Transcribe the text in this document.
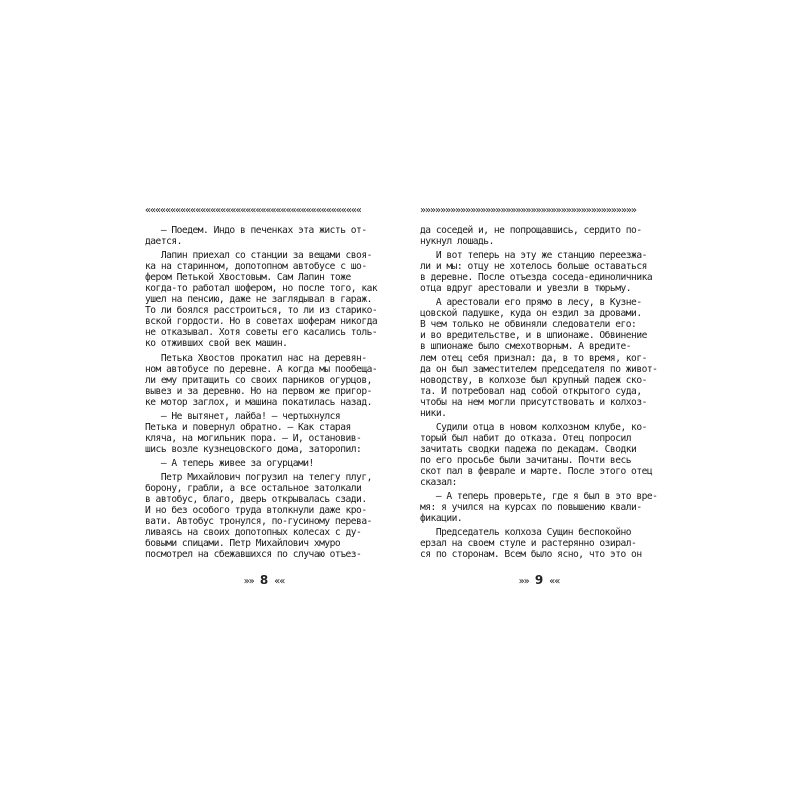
«««««««««««««««««««««««««««««««««««««««««««

— Поедем. Индо в печенках эта жисть от-

дается.

Лапин приехал со станции за вещами своя-

ка на старинном, допотопном автобусе с шо-

фером Петькой Хвостовым. Сам Лапин тоже

когда-то работал шофером, но после того, как

ушел на пенсию, даже не заглядывал в гараж.

То ли боялся расстроиться, то ли из старико-

вской гордости. Но в советах шоферам никогда

не отказывал. Хотя советы его касались толь-

ко отживших свой век машин.

Петька Хвостов прокатил нас на деревян-

ном автобусе по деревне. А когда мы пообеща-

ли ему притащить со своих парников огурцов,

вывез и за деревню. Но на первом же пригор-

ке мотор заглох, и машина покатилась назад.

— Не вытянет, лайба! — чертыхнулся

Петька и повернул обратно. — Как старая

кляча, на могильник пора. — И, остановив-

шись возле кузнецовского дома, заторопил:

— А теперь живее за огурцами!

Петр Михайлович погрузил на телегу плуг,

борону, грабли, а все остальное затолкали

в автобус, благо, дверь открывалась сзади.

И но без особого труда втолкнули даже кро-

вати. Автобус тронулся, по-гусиному перева-

ливаясь на своих допотопных колесах с ду-

бовыми спицами. Петр Михайлович хмуро

посмотрел на сбежавшихся по случаю отъез-

»»»»»»»»»»»»»»»»»»»»»»»»»»»»»»»»»»»»»»»»»»»

да соседей и, не попрощавшись, сердито по-

нукнул лошадь.

И вот теперь на эту же станцию переезжа-

ли и мы: отцу не хотелось больше оставаться

в деревне. После отъезда соседа-единоличника

отца вдруг арестовали и увезли в тюрьму.

А арестовали его прямо в лесу, в Кузне-

цовской падушке, куда он ездил за дровами.

В чем только не обвиняли следователи его:

и во вредительстве, и в шпионаже. Обвинение

в шпионаже было смехотворным. А вредите-

лем отец себя признал: да, в то время, ког-

да он был заместителем председателя по живот-

новодству, в колхозе был крупный падеж ско-

та. И потребовал над собой открытого суда,

чтобы на нем могли присутствовать и колхоз-

ники.

Судили отца в новом колхозном клубе, ко-

торый был набит до отказа. Отец попросил

зачитать сводки падежа по декадам. Сводки

по его просьбе были зачитаны. Почти весь

скот пал в феврале и марте. После этого отец

сказал:

— А теперь проверьте, где я был в это вре-

мя: я учился на курсах по повышению квали-

фикации.

Председатель колхоза Сущин беспокойно

ерзал на своем стуле и растерянно озирал-

ся по сторонам. Всем было ясно, что это он

»» 8 ««	»» 9 ««
